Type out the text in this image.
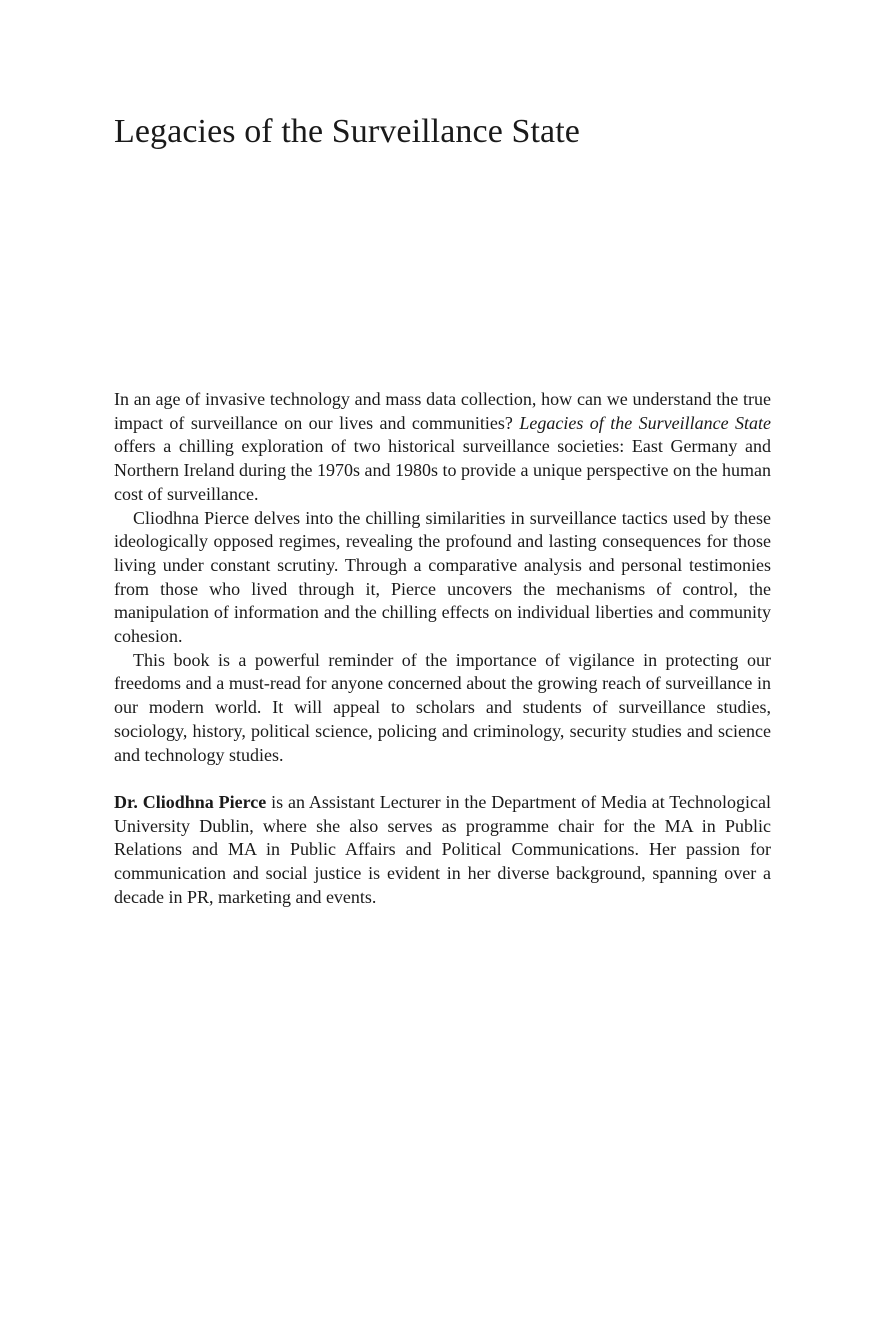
Legacies of the Surveillance State

In an age of invasive technology and mass data collection, how can we understand the true impact of surveillance on our lives and communities? Legacies of the Surveillance State offers a chilling exploration of two historical surveillance societies: East Germany and Northern Ireland during the 1970s and 1980s to provide a unique perspective on the human cost of surveillance.

Cliodhna Pierce delves into the chilling similarities in surveillance tactics used by these ideologically opposed regimes, revealing the profound and lasting consequences for those living under constant scrutiny. Through a comparative analysis and personal testimonies from those who lived through it, Pierce uncovers the mechanisms of control, the manipulation of information and the chilling effects on individual liberties and community cohesion.

This book is a powerful reminder of the importance of vigilance in protecting our freedoms and a must-read for anyone concerned about the growing reach of surveillance in our modern world. It will appeal to scholars and students of surveillance studies, sociology, history, political science, policing and criminology, security studies and science and technology studies.

Dr. Cliodhna Pierce is an Assistant Lecturer in the Department of Media at Technological University Dublin, where she also serves as programme chair for the MA in Public Relations and MA in Public Affairs and Political Communications. Her passion for communication and social justice is evident in her diverse background, spanning over a decade in PR, marketing and events.
